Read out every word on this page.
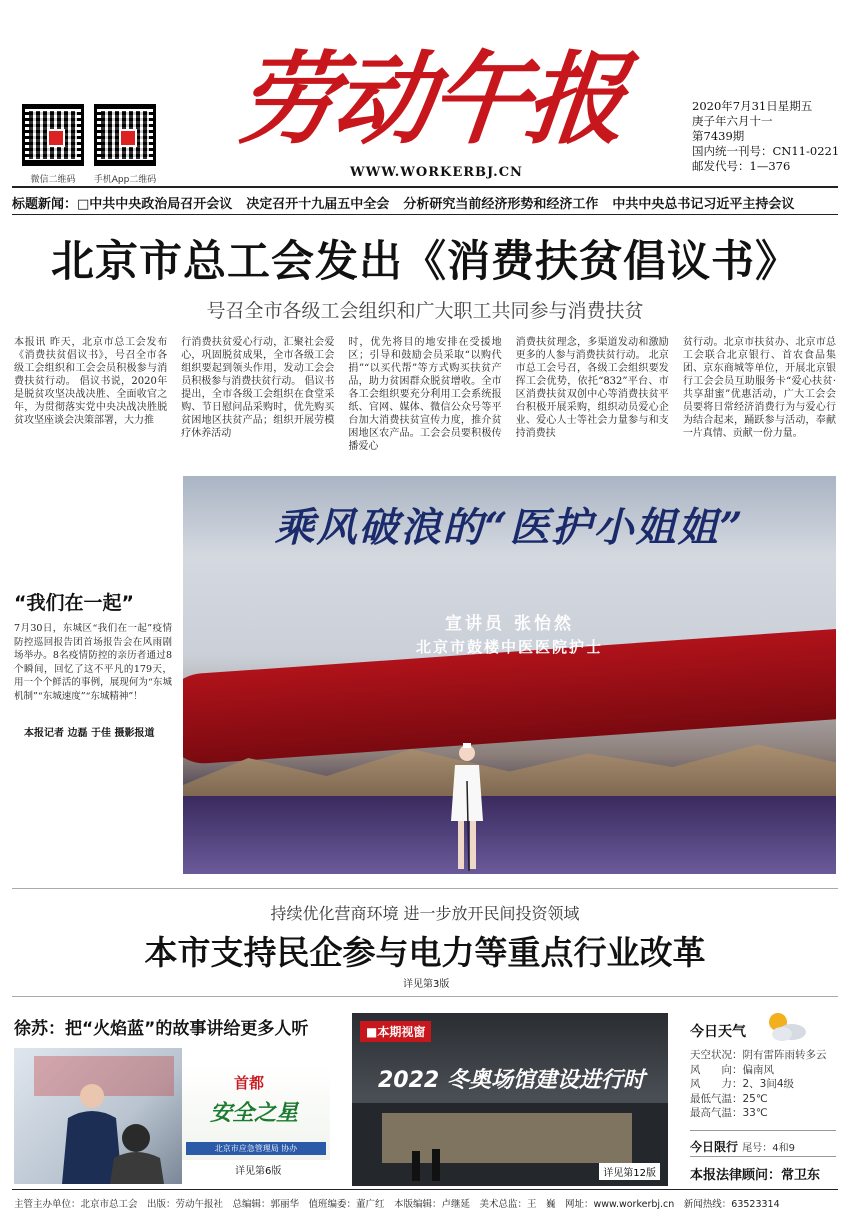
微信二维码	手机App二维码
劳动午报
WWW.WORKERBJ.CN
2020年7月31日星期五
庚子年六月十一
第7439期
国内统一刊号：CN11-0221
邮发代号：1—376
标题新闻：□中共中央政治局召开会议 决定召开十九届五中全会 分析研究当前经济形势和经济工作 中共中央总书记习近平主持会议
北京市总工会发出《消费扶贫倡议书》
号召全市各级工会组织和广大职工共同参与消费扶贫
本报讯 昨天，北京市总工会发布《消费扶贫倡议书》，号召全市各级工会组织和工会会员积极参与消费扶贫行动。 倡议书说，2020年是脱贫攻坚决战决胜、全面收官之年，为贯彻落实党中央决战决胜脱贫攻坚座谈会决策部署，大力推
行消费扶贫爱心行动，汇聚社会爱心，巩固脱贫成果，全市各级工会组织要起到领头作用，发动工会会员积极参与消费扶贫行动。 倡议书提出，全市各级工会组织在食堂采购、节日慰问品采购时，优先购买贫困地区扶贫产品；组织开展劳模疗休养活动
时，优先将目的地安排在受援地区；引导和鼓励会员采取“以购代捐”“以买代帮”等方式购买扶贫产品，助力贫困群众脱贫增收。全市各工会组织要充分利用工会系统报纸、官网、媒体、微信公众号等平台加大消费扶贫宣传力度，推介贫困地区农产品。工会会员要积极传播爱心
消费扶贫理念，多渠道发动和激励更多的人参与消费扶贫行动。 北京市总工会号召，各级工会组织要发挥工会优势，依托“832”平台、市区消费扶贫双创中心等消费扶贫平台积极开展采购，组织动员爱心企业、爱心人士等社会力量参与和支持消费扶
贫行动。北京市扶贫办、北京市总工会联合北京银行、首农食品集团、京东商城等单位，开展北京银行工会会员互助服务卡“爱心扶贫·共享甜蜜”优惠活动，广大工会会员要将日常经济消费行为与爱心行为结合起来，踊跃参与活动，奉献一片真情、贡献一份力量。
乘风破浪的“医护小姐姐”
宣讲员 张怡然
北京市鼓楼中医医院护士
“我们在一起”
7月30日，东城区“我们在一起”疫情防控巡回报告团首场报告会在风雨剧场举办。8名疫情防控的亲历者通过8个瞬间，回忆了这不平凡的179天，用一个个鲜活的事例，展现何为“东城机制”“东城速度”“东城精神”！
本报记者 边磊 于佳 摄影报道
持续优化营商环境 进一步放开民间投资领域
本市支持民企参与电力等重点行业改革
详见第3版
徐苏：把“火焰蓝”的故事讲给更多人听
首都
安全之星
北京市应急管理局 协办
详见第6版
■本期视窗
2022 冬奥场馆建设进行时
详见第12版
今日天气
天空状况：阴有雷阵雨转多云
风　　向：偏南风
风　　力：2、3间4级
最低气温：25℃
最高气温：33℃
今日限行 尾号：4和9
本报法律顾问：常卫东
主管主办单位：北京市总工会　出版：劳动午报社　总编辑：郭丽华　值班编委：董广红　本版编辑：卢继延　美术总监：王　巍　网址：www.workerbj.cn　新闻热线：63523314
